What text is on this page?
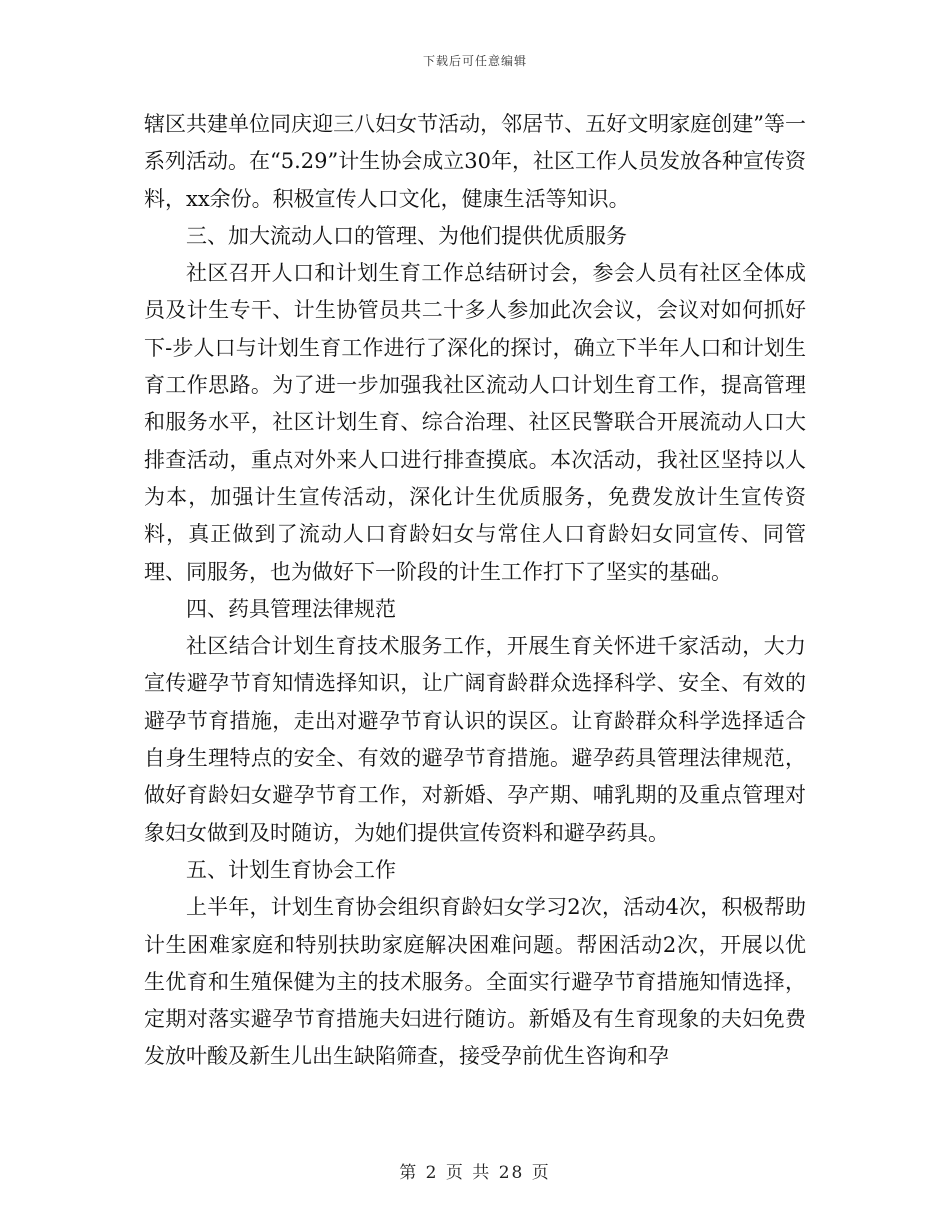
下载后可任意编辑

辖区共建单位同庆迎三八妇女节活动，邻居节、五好文明家庭创建”等一系列活动。在“5.29”计生协会成立30年，社区工作人员发放各种宣传资料，xx余份。积极宣传人口文化，健康生活等知识。

三、加大流动人口的管理、为他们提供优质服务

社区召开人口和计划生育工作总结研讨会，参会人员有社区全体成员及计生专干、计生协管员共二十多人参加此次会议，会议对如何抓好下-步人口与计划生育工作进行了深化的探讨，确立下半年人口和计划生育工作思路。为了进一步加强我社区流动人口计划生育工作，提高管理和服务水平，社区计划生育、综合治理、社区民警联合开展流动人口大排查活动，重点对外来人口进行排查摸底。本次活动，我社区坚持以人为本，加强计生宣传活动，深化计生优质服务，免费发放计生宣传资料，真正做到了流动人口育龄妇女与常住人口育龄妇女同宣传、同管理、同服务，也为做好下一阶段的计生工作打下了坚实的基础。

四、药具管理法律规范

社区结合计划生育技术服务工作，开展生育关怀进千家活动，大力宣传避孕节育知情选择知识，让广阔育龄群众选择科学、安全、有效的避孕节育措施，走出对避孕节育认识的误区。让育龄群众科学选择适合自身生理特点的安全、有效的避孕节育措施。避孕药具管理法律规范，做好育龄妇女避孕节育工作，对新婚、孕产期、哺乳期的及重点管理对象妇女做到及时随访，为她们提供宣传资料和避孕药具。

五、计划生育协会工作

上半年，计划生育协会组织育龄妇女学习2次，活动4次，积极帮助计生困难家庭和特别扶助家庭解决困难问题。帮困活动2次，开展以优生优育和生殖保健为主的技术服务。全面实行避孕节育措施知情选择，定期对落实避孕节育措施夫妇进行随访。新婚及有生育现象的夫妇免费发放叶酸及新生儿出生缺陷筛查，接受孕前优生咨询和孕

第 2 页 共 28 页
